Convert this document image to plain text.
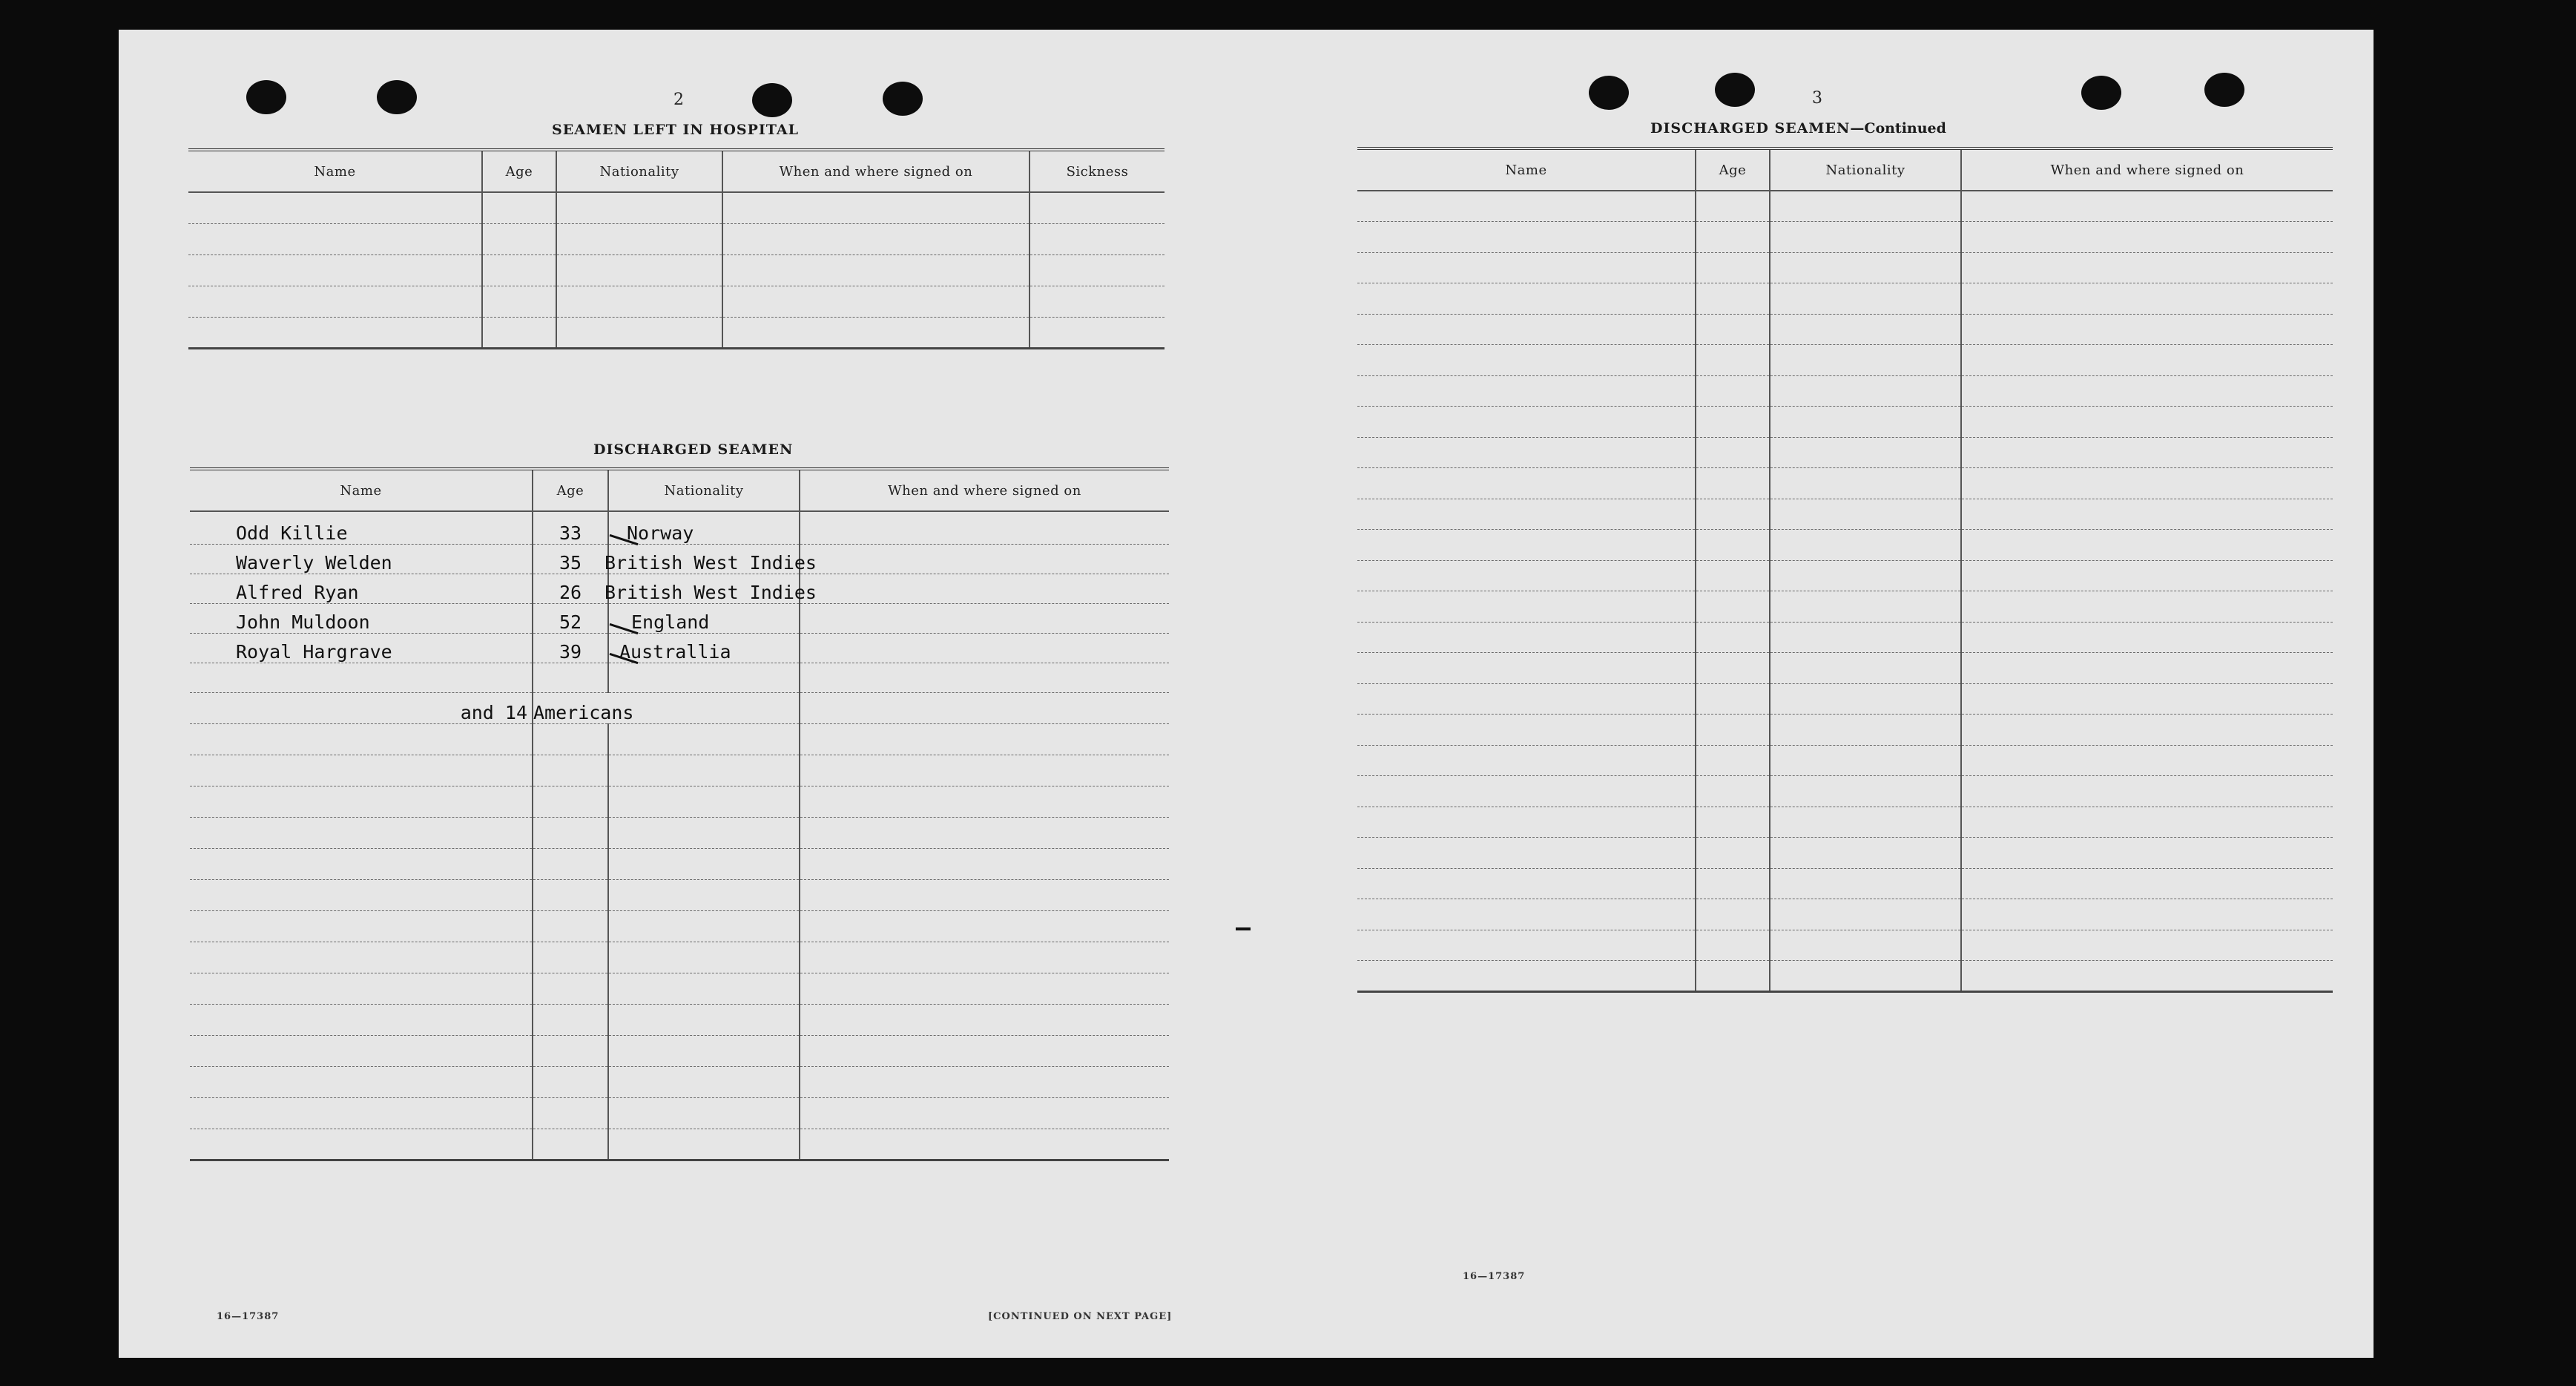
2
SEAMEN LEFT IN HOSPITAL
Name	Age	Nationality	When and where signed on	Sickness

DISCHARGED SEAMEN
Name	Age	Nationality	When and where signed on
Odd Killie	33	Norway	
Waverly Welden	35	British West Indies	
Alfred Ryan	26	British West Indies	
John Muldoon	52	England	
Royal Hargrave	39	Australlia	

and 14	Americans		

16—17387	[CONTINUED ON NEXT PAGE]
3
DISCHARGED SEAMEN—Continued
Name	Age	Nationality	When and where signed on

16—17387
